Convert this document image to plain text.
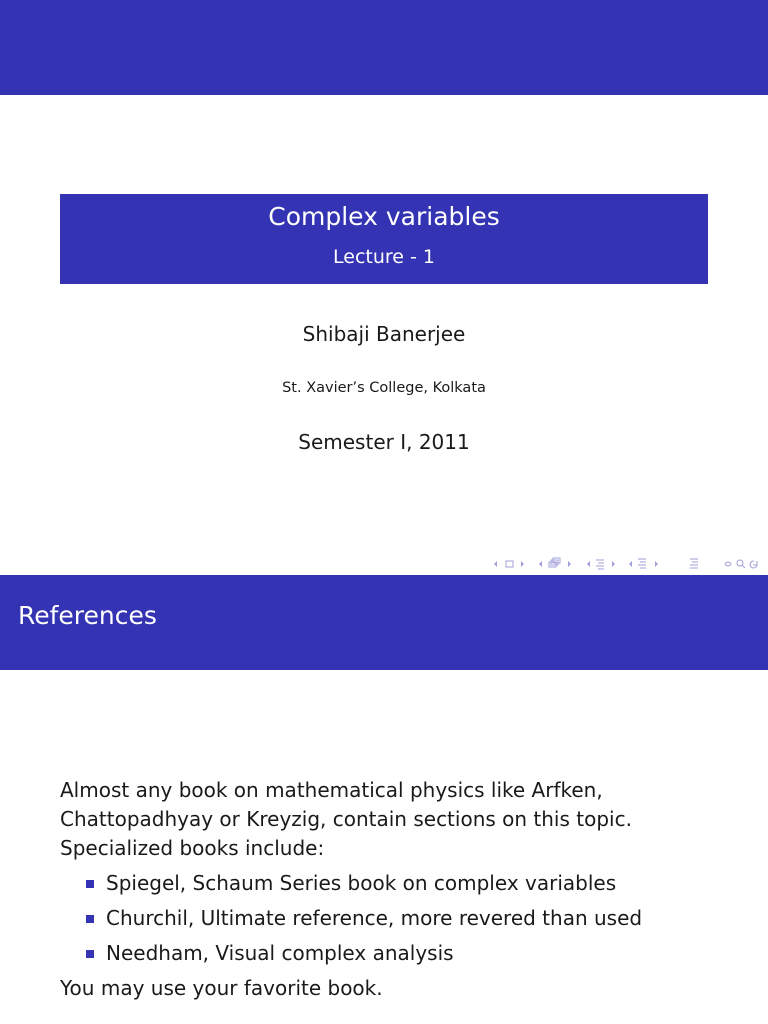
Complex variables
Lecture - 1
Shibaji Banerjee
St. Xavier’s College, Kolkata
Semester I, 2011
References
Almost any book on mathematical physics like Arfken,
Chattopadhyay or Kreyzig, contain sections on this topic.
Specialized books include:
Spiegel, Schaum Series book on complex variables
Churchil, Ultimate reference, more revered than used
Needham, Visual complex analysis
You may use your favorite book.
